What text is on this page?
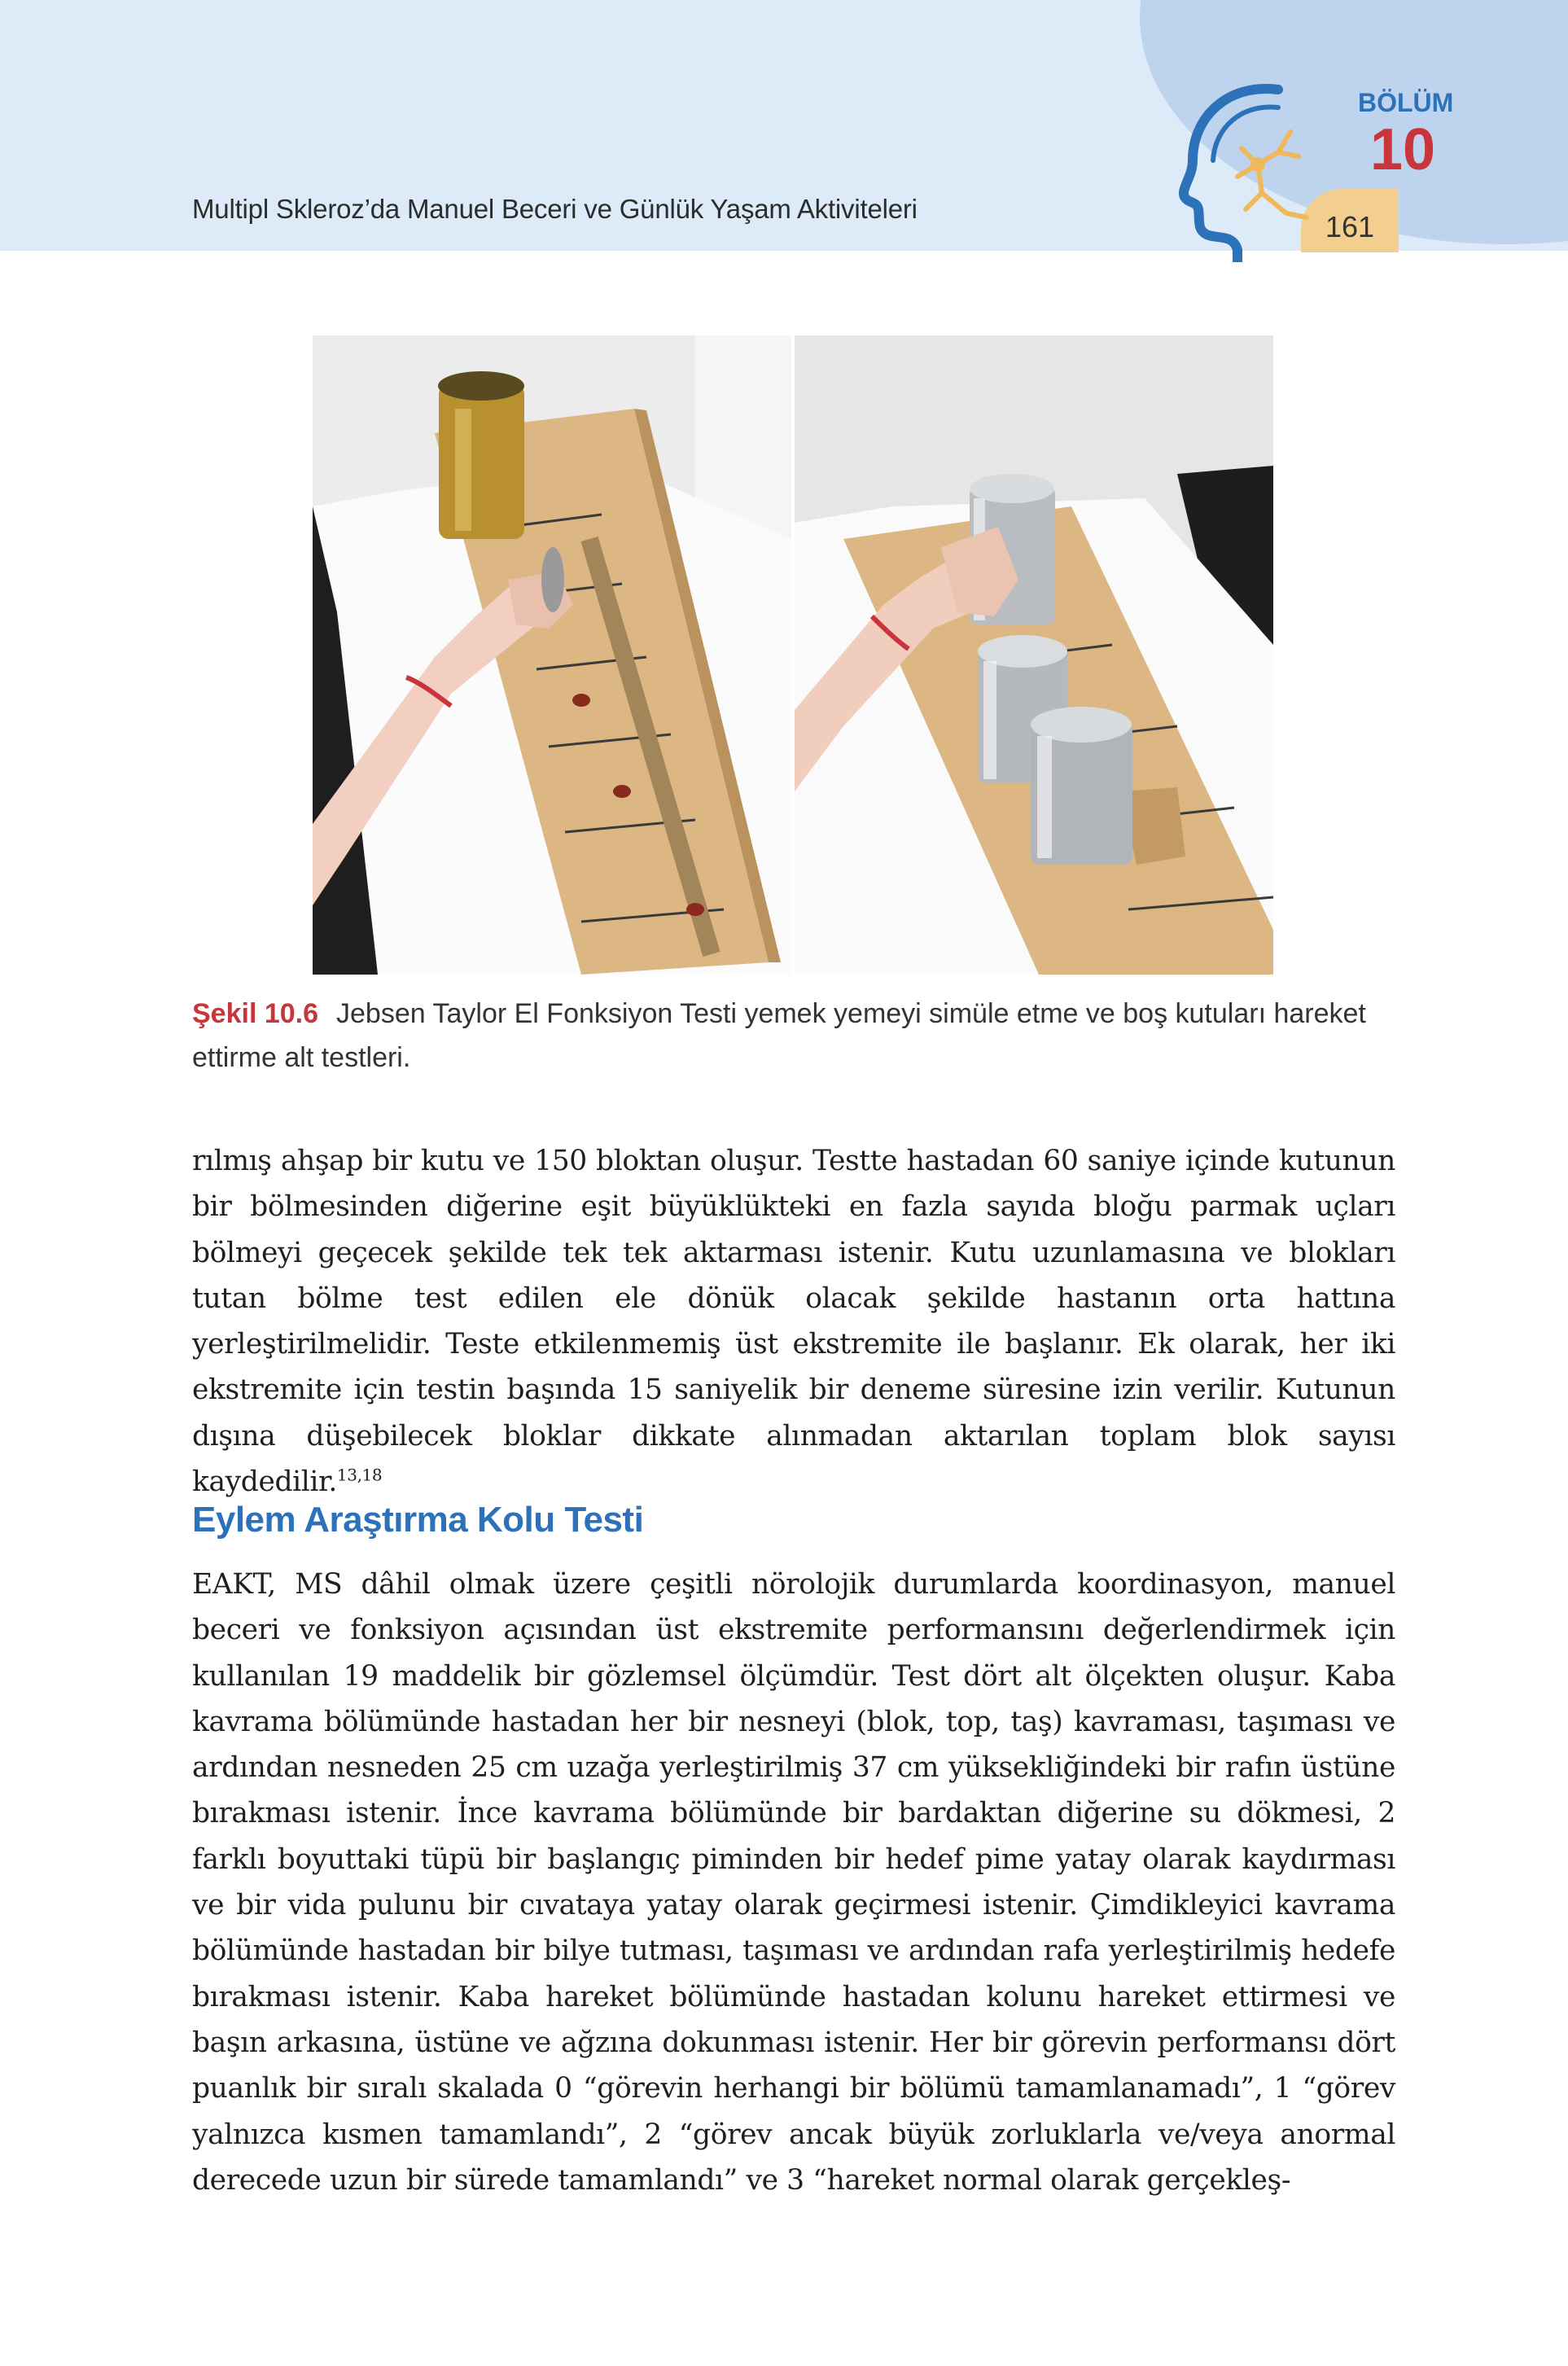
Multipl Skleroz’da Manuel Beceri ve Günlük Yaşam Aktiviteleri
BÖLÜM
10
161
Şekil 10.6 Jebsen Taylor El Fonksiyon Testi yemek yemeyi simüle etme ve boş kutuları hareket ettirme alt testleri.

rılmış ahşap bir kutu ve 150 bloktan oluşur. Testte hastadan 60 saniye içinde kutunun bir bölmesinden diğerine eşit büyüklükteki en fazla sayıda bloğu parmak uçları bölmeyi geçecek şekilde tek tek aktarması istenir. Kutu uzunlamasına ve blokları tutan bölme test edilen ele dönük olacak şekilde hastanın orta hattına yerleştirilmelidir. Teste etkilenmemiş üst ekstremite ile başlanır. Ek olarak, her iki ekstremite için testin başında 15 saniyelik bir deneme süresine izin verilir. Kutunun dışına düşebilecek bloklar dikkate alınmadan aktarılan toplam blok sayısı kaydedilir.$^{13,18}$

Eylem Araştırma Kolu Testi

EAKT, MS dâhil olmak üzere çeşitli nörolojik durumlarda koordinasyon, manuel beceri ve fonksiyon açısından üst ekstremite performansını değerlendirmek için kullanılan 19 maddelik bir gözlemsel ölçümdür. Test dört alt ölçekten oluşur. Kaba kavrama bölümünde hastadan her bir nesneyi (blok, top, taş) kavraması, taşıması ve ardından nesneden 25 cm uzağa yerleştirilmiş 37 cm yüksekliğindeki bir rafın üstüne bırakması istenir. İnce kavrama bölümünde bir bardaktan diğerine su dökmesi, 2 farklı boyuttaki tüpü bir başlangıç piminden bir hedef pime yatay olarak kaydırması ve bir vida pulunu bir cıvataya yatay olarak geçirmesi istenir. Çimdikleyici kavrama bölümünde hastadan bir bilye tutması, taşıması ve ardından rafa yerleştirilmiş hedefe bırakması istenir. Kaba hareket bölümünde hastadan kolunu hareket ettirmesi ve başın arkasına, üstüne ve ağzına dokunması istenir. Her bir görevin performansı dört puanlık bir sıralı skalada 0 “görevin herhangi bir bölümü tamamlanamadı”, 1 “görev yalnızca kısmen tamamlandı”, 2 “görev ancak büyük zorluklarla ve/veya anormal derecede uzun bir sürede tamamlandı” ve 3 “hareket normal olarak gerçekleş-
